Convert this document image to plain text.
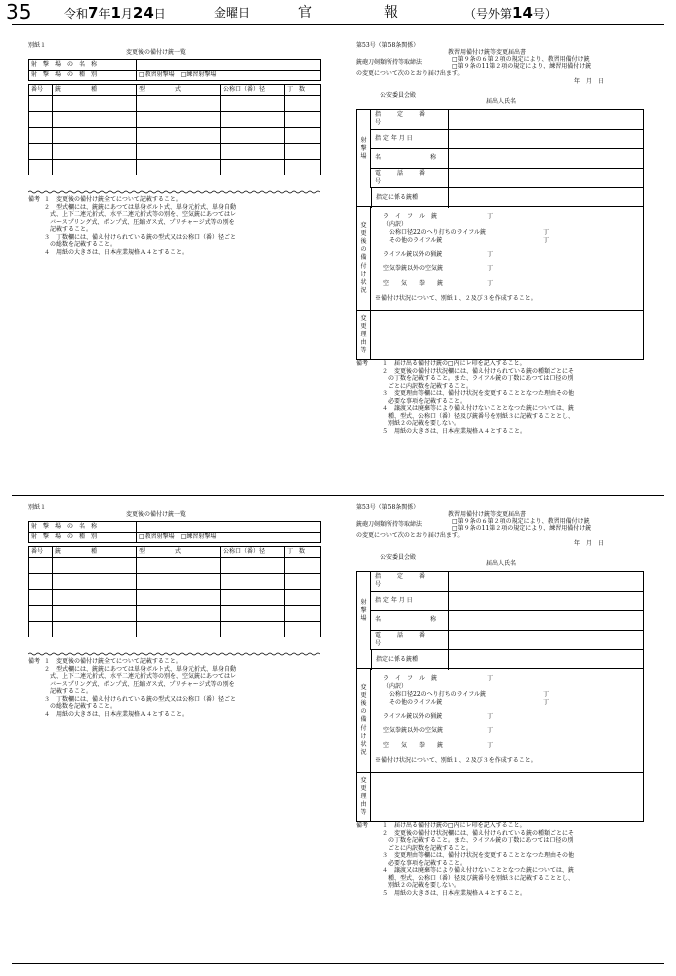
35	令和7年1月24日	金曜日	官	報	（号外第14号）
別紙１
変更後の備付け銃一覧
射　撃　場　の　名　称				
射　撃　場　の　種　別		□教習射撃場　 □練習射撃場		

番号	銃　　　　　種	型　　　　　式	公称口（番）径	丁　数

備考 １　変更後の備付け銃全てについて記載すること。
２　型式欄には、銃銃にあつては単身ボルト式、単身元折式、単身自動
　式、上下二連元折式、水平二連元折式等の別を、空気銃にあつてはレ
　バースプリング式、ポンプ式、圧縮ガス式、プリチャージ式等の別を
　記載すること。
３　丁数欄には、備え付けられている銃の型式又は公称口（番）径ごと
　の総数を記載すること。
４　用紙の大きさは、日本産業規格Ａ４とすること。
第53号（第58条関係）
教習用備付け銃等変更届出書
銃砲刀剣類所持等取締法	□第９条の６第２項の規定により、教習用備付け銃
□第９条の11第２項の規定により、練習用備付け銃
の変更について次のとおり届け出ます。
年　月　日
公安委員会殿
届出人氏名
射
撃
場
指　定　番　号
指 定 年 月 日
名　　　　称
電　話　番　号
指定に係る銃種
変
更
後
の
備
付
け
状
況
ラ　イ　フ　ル　銃	丁
（内訳）
公称口径22のへり打ちのライフル銃	丁
その他のライフル銃	丁
ライフル銃以外の猟銃	丁
空気拳銃以外の空気銃	丁
空　　気　　拳　　銃	丁
※備付け状況について、別紙１、２及び３を作成すること。
変
更
理
由
等
備考 １　届け出る備付け銃の□内にレ印を記入すること。
２　変更後の備付け状況欄には、備え付けられている銃の種類ごとにそ
　の丁数を記載すること。また、ライフル銃の丁数にあつては口径の別
　ごとに内訳数を記載すること。
３　変更理由等欄には、備付け状況を変更することとなつた理由その他
　必要な事項を記載すること。
４　譲渡又は廃棄等により備え付けないこととなつた銃については、銃
　種、型式、公称口（番）径及び銃番号を別紙３に記載することとし、
　別紙２の記載を要しない。
５　用紙の大きさは、日本産業規格Ａ４とすること。
別紙１
変更後の備付け銃一覧
射　撃　場　の　名　称				
射　撃　場　の　種　別		□教習射撃場　 □練習射撃場		

番号	銃　　　　　種	型　　　　　式	公称口（番）径	丁　数

備考 １　変更後の備付け銃全てについて記載すること。
２　型式欄には、銃銃にあつては単身ボルト式、単身元折式、単身自動
　式、上下二連元折式、水平二連元折式等の別を、空気銃にあつてはレ
　バースプリング式、ポンプ式、圧縮ガス式、プリチャージ式等の別を
　記載すること。
３　丁数欄には、備え付けられている銃の型式又は公称口（番）径ごと
　の総数を記載すること。
４　用紙の大きさは、日本産業規格Ａ４とすること。
第53号（第58条関係）
教習用備付け銃等変更届出書
銃砲刀剣類所持等取締法	□第９条の６第２項の規定により、教習用備付け銃
□第９条の11第２項の規定により、練習用備付け銃
の変更について次のとおり届け出ます。
年　月　日
公安委員会殿
届出人氏名
射
撃
場
指　定　番　号
指 定 年 月 日
名　　　　称
電　話　番　号
指定に係る銃種
変
更
後
の
備
付
け
状
況
ラ　イ　フ　ル　銃	丁
（内訳）
公称口径22のへり打ちのライフル銃	丁
その他のライフル銃	丁
ライフル銃以外の猟銃	丁
空気拳銃以外の空気銃	丁
空　　気　　拳　　銃	丁
※備付け状況について、別紙１、２及び３を作成すること。
変
更
理
由
等
備考 １　届け出る備付け銃の□内にレ印を記入すること。
２　変更後の備付け状況欄には、備え付けられている銃の種類ごとにそ
　の丁数を記載すること。また、ライフル銃の丁数にあつては口径の別
　ごとに内訳数を記載すること。
３　変更理由等欄には、備付け状況を変更することとなつた理由その他
　必要な事項を記載すること。
４　譲渡又は廃棄等により備え付けないこととなつた銃については、銃
　種、型式、公称口（番）径及び銃番号を別紙３に記載することとし、
　別紙２の記載を要しない。
５　用紙の大きさは、日本産業規格Ａ４とすること。
